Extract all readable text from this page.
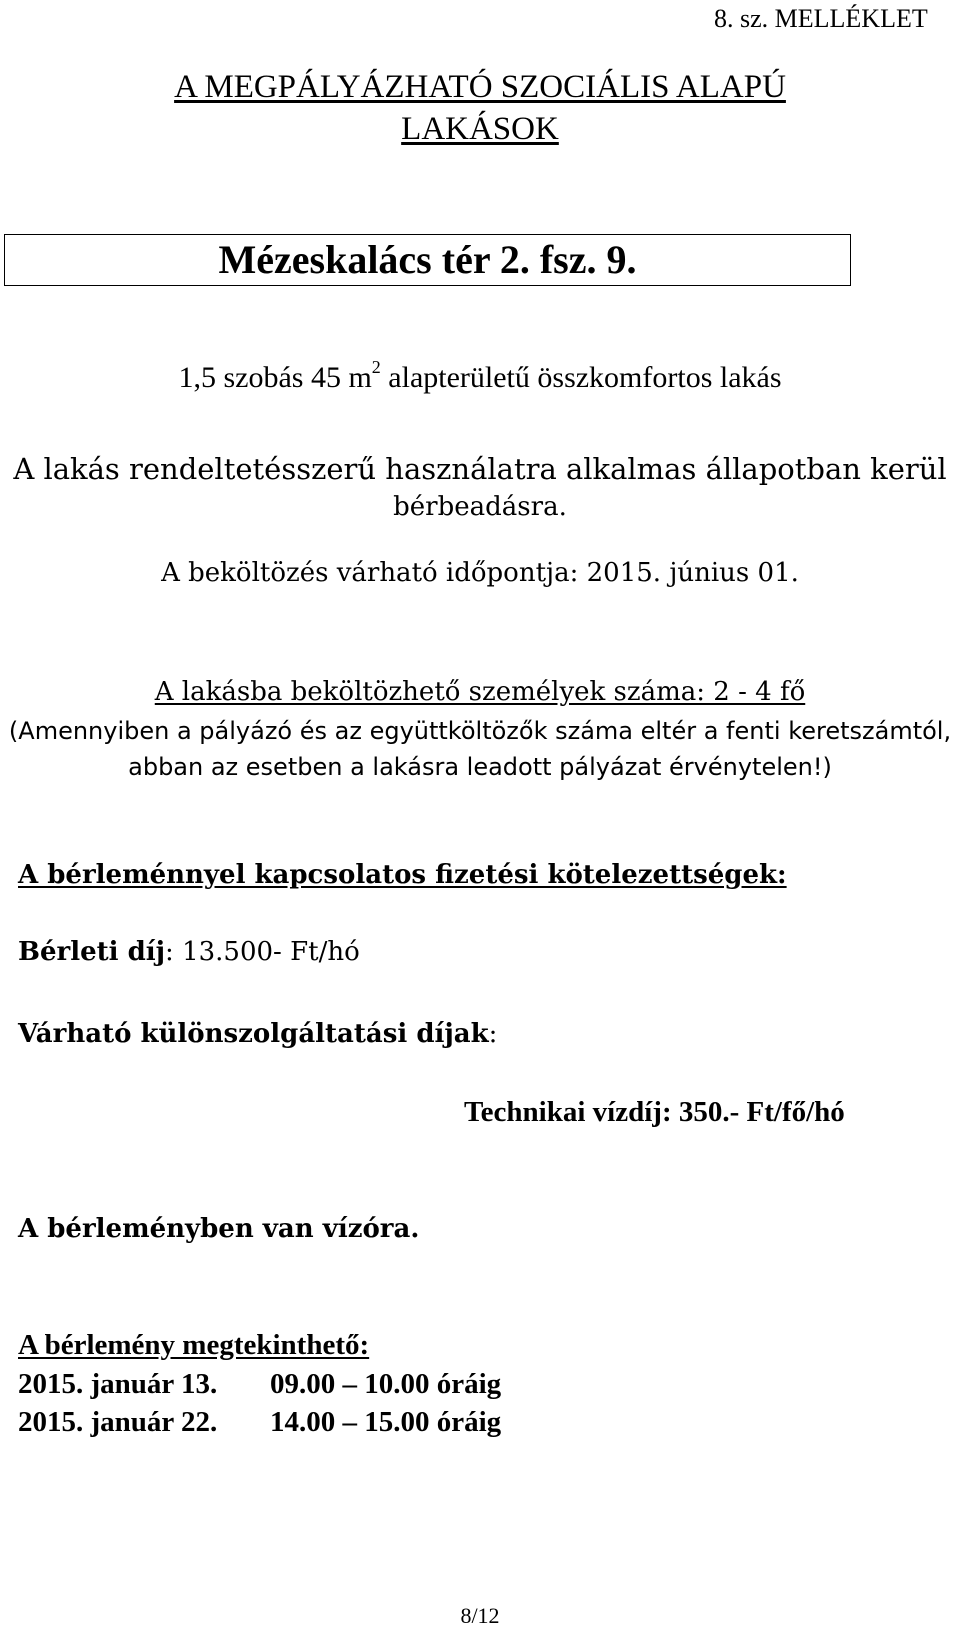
8. sz. MELLÉKLET
A MEGPÁLYÁZHATÓ SZOCIÁLIS ALAPÚ
LAKÁSOK
Mézeskalács tér 2. fsz. 9.
1,5 szobás 45 $m^2$ alapterületű összkomfortos lakás
A lakás rendeltetésszerű használatra alkalmas állapotban kerül
bérbeadásra.
A beköltözés várható időpontja: 2015. június 01.
A lakásba beköltözhető személyek száma: 2 - 4 fő
(Amennyiben a pályázó és az együttköltözők száma eltér a fenti keretszámtól,
abban az esetben a lakásra leadott pályázat érvénytelen!)
A bérleménnyel kapcsolatos fizetési kötelezettségek:
Bérleti díj: 13.500- Ft/hó
Várható különszolgáltatási díjak:
Technikai vízdíj: 350.- Ft/fő/hó
A bérleményben van vízóra.
A bérlemény megtekinthető:
2015. január 13. 09.00 – 10.00 óráig
2015. január 22. 14.00 – 15.00 óráig
8/12
